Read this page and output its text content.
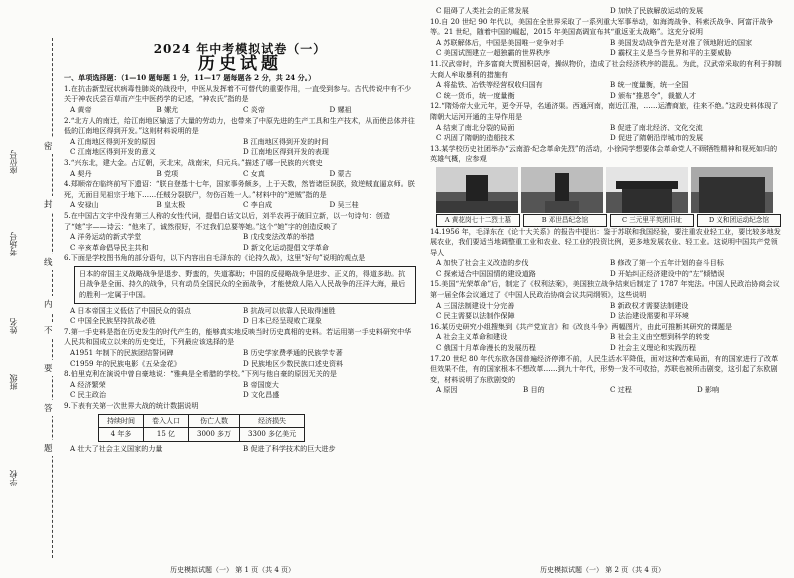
座位号
考场号
姓名
班级
学校
密
封
线
内
不
要
答
题
2024 年中考模拟试卷（一）
历史试题

一、单项选择题：（1—10 题每题 1 分，11—17 题每题各 2 分，共 24 分。）

1.在抗击新型冠状病毒性肺炎的战役中，中医从发挥着不可替代的重要作用，一直受到参与。古代传说中有不少关于神农氏尝百草而产生中医药学的记述，“神农氏”指的是

A 黄帝	B 嫘尤	C 炎帝	D 嫘祖

2.“北方人的南迁，给江南地区输送了大量的劳动力，也带来了中原先进的生产工具和生产技术，从而使总体并往低的江南地区得到开发。”这则材料说明的是

A 江南地区得到开发的原因	B 江南地区得到开发的时间
C 江南地区得到开发的意义	D 江南地区得到开发的表现

3.“兴东北，建大金。占辽朝，灭北宋，战南宋，归元兵。”描述了哪一民族的兴衰史

A 契丹	B 党项	C 女真	D 蒙古

4.郑顺帝在临终前写下遗诏：“朕自登基十七年，国家事务颇多，上于天数，然皆诸臣误朕，致逆贼直逼京师。朕死，无面目见祖宗于地下……任贼分裂朕尸，勿伤百姓一人。”材料中的“逆贼”指的是

A 安禄山	B 皇太极	C 李自成	D 吴三桂

5.在中国古文字中没有第三人称的女性代词，提倡白话文以后，刘半农再于破旧立新，以一句诗句：创造了“她”字——诗云：“他来了，诚然很好，不过我们总要等她。”这个“她”字的创造反映了

A 洋务运动的新式学堂	B 戊戌变法改革的举措
C 辛亥革命倡导民主共和	D 新文化运动提倡文学革命

6.下面是学校图书角的部分语句，以下内容出自毛泽东的《论持久战》，这里“好句”说明的观点是

日本的帝国主义战略战争是退步、野蛮的，失道寡助；中国的反侵略战争是进步、正义的，得道多助。抗日战争是全面、持久的战争，只有动员全国民众的全面战争，才能使敌人陷入人民战争的汪洋大海，最后的胜利一定属于中国。
A 日本帝国主义低估了中国民众的弱点	B 抗战可以依靠人民取得速胜
C 中国全民族坚持抗战必胜	D 日本已经呈现败亡现象

7.第一手史料是指在历史发生的时代产生的，能够真实地反映当时历史真相的史料。若运用第一手史料研究中华人民共和国成立以来的历史变迁，下列最应该选择的是

A1951 年制下的民族团结誓词碑	B 历史学家费孝通的民族学专著
C1959 年的民族电影《五朵金花》	D 民族地区少数民族口述史资料

8.伯里克利在演说中曾自豪地说：“雅典是全希腊的学校。”下列与他自豪的原因无关的是

A 经济繁荣	B 帝国庞大
C 民主政治	D 文化昌盛

9.下表有关第一次世界大战的统计数据说明

持续时间	卷入人口	伤亡人数	经济损失
4 年多	15 亿	3000 多万	3300 多亿美元
A 壮大了社会主义国家的力量	B 促进了科学技术的巨大进步
历史模拟试题（一） 第 1 页（共 4 页）
C 阻碍了人类社会的正常发展	D 加快了民族解放运动的发展

10.自 20 世纪 90 年代以，美国在全世界采取了一系列重大军事举动，如海湾战争、科索沃战争、阿富汗战争等。21 世纪，随着中国的崛起，2015 年美国高调宣布其“重返亚太战略”。这充分说明

A 苏联解体后，中国是美国唯一竞争对手	B 美国发动战争首先是对准了领地附近的国家
C 美国试图建立一超独霸的世界秩序	D 霸权主义是当今世界和平的主要威胁

11.汉武帝时，许多富商大贾囤积居奇，操纵物价，造成了社会经济秩序的混乱。为此，汉武帝采取的有利于抑制大商人牟取暴利的措施有

A 将盐铁、冶铁等经营权收归国有	B 统一度量衡，统一全国
C 统一货币，统一度量衡	D 颁布“推恩令”，裁撤人才

12.“隋炀帝大业元年，更令开导，名通济渠。西通河南，南近江淮，……运漕商旅，往来不绝。”这段史料体现了隋朝大运河开通的主导作用是

A 结束了南北分裂的局面	B 促进了南北经济、文化交流
C 巩固了隋朝的造船技术	D 促进了隋朝沿岸城市的发展

13.某学校历史社团举办“云南游·纪念革命先烈”的活动，小徐同学想要体会革命党人不顾牺牲精神和视死如归的英雄气概，应参观

A 黄花岗七十二烈士墓	B 邓世昌纪念馆	C 三元里平英团旧址	D 义和团运动纪念馆

14.1956 年，毛泽东在《论十大关系》的报告中提出：鉴于苏联和我国经验，要注重农业轻工业，要比较多地发展农业，我们要适当地调整重工业和农业、轻工业的投资比例，更多地发展农业、轻工业。这说明中国共产党领导人

A 加快了社会主义改造的步伐	B 修改了第一个五年计划的奋斗目标
C 探索适合中国国情的建设道路	D 开始纠正经济建设中的“左”倾错误

15.美国“光荣革命”后，制定了《权利法案》，美国独立战争结束后制定了 1787 年宪法。中国人民政治协商会议第一届全体会议通过了《中国人民政治协商会议共同纲领》，这些说明

A 三国法制建设十分完善	B 新政权才需要法制建设
C 民主需要以法制作保障	D 法治建设需要和平环境

16.某历史研究小组搜集到《共产党宣言》和《改良斗争》两幅图片，由此可推断其研究的课题是

A 社会主义革命和建设	B 社会主义由空想到科学的转变
C 俄国十月革命漫长的发展历程	D 社会主义理论和实践历程

17.20 世纪 80 年代东欧各国普遍经济停滞不前，人民生活水平降低，面对这种苦难局面，有的国家进行了改革但效果不佳，有的国家根本不想改革……到九十年代，形势一发不可收拾，苏联也被所击剧变，这引起了东欧剧变，材料说明了东欧剧变的

A 原因	B 目的	C 过程	D 影响
历史模拟试题（一） 第 2 页（共 4 页）
